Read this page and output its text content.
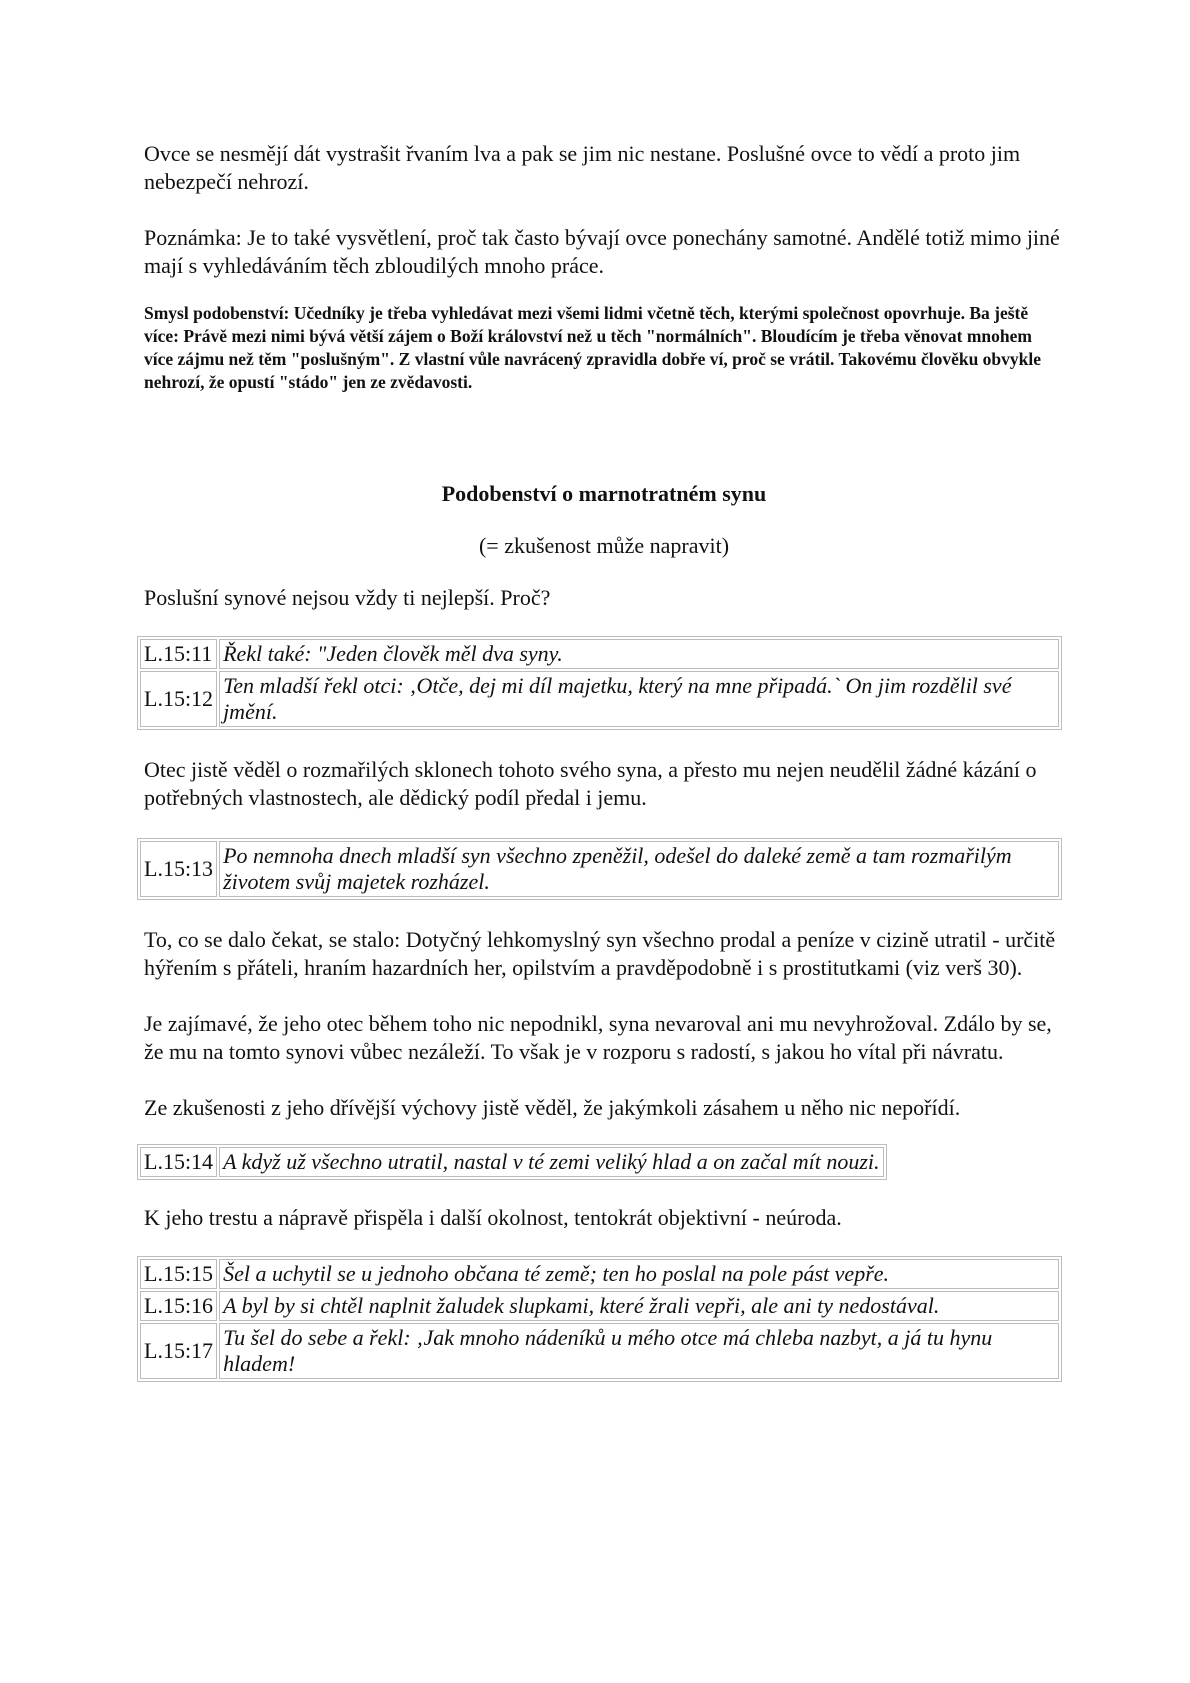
Ovce se nesmějí dát vystrašit řvaním lva a pak se jim nic nestane. Poslušné ovce to vědí a proto jim nebezpečí nehrozí.

Poznámka: Je to také vysvětlení, proč tak často bývají ovce ponechány samotné. Andělé totiž mimo jiné mají s vyhledáváním těch zbloudilých mnoho práce.

Smysl podobenství: Učedníky je třeba vyhledávat mezi všemi lidmi včetně těch, kterými společnost opovrhuje. Ba ještě více: Právě mezi nimi bývá větší zájem o Boží království než u těch "normálních". Bloudícím je třeba věnovat mnohem více zájmu než těm "poslušným". Z vlastní vůle navrácený zpravidla dobře ví, proč se vrátil. Takovému člověku obvykle nehrozí, že opustí "stádo" jen ze zvědavosti.

Podobenství o marnotratném synu

(= zkušenost může napravit)

Poslušní synové nejsou vždy ti nejlepší. Proč?

L.15:11	Řekl také: "Jeden člověk měl dva syny.
L.15:12	Ten mladší řekl otci: ‚Otče, dej mi díl majetku, který na mne připadá.` On jim rozdělil své jmění.

Otec jistě věděl o rozmařilých sklonech tohoto svého syna, a přesto mu nejen neudělil žádné kázání o potřebných vlastnostech, ale dědický podíl předal i jemu.

L.15:13	Po nemnoha dnech mladší syn všechno zpeněžil, odešel do daleké země a tam rozmařilým životem svůj majetek rozházel.

To, co se dalo čekat, se stalo: Dotyčný lehkomyslný syn všechno prodal a peníze v cizině utratil - určitě hýřením s přáteli, hraním hazardních her, opilstvím a pravděpodobně i s prostitutkami (viz verš 30).

Je zajímavé, že jeho otec během toho nic nepodnikl, syna nevaroval ani mu nevyhrožoval. Zdálo by se, že mu na tomto synovi vůbec nezáleží. To však je v rozporu s radostí, s jakou ho vítal při návratu.

Ze zkušenosti z jeho dřívější výchovy jistě věděl, že jakýmkoli zásahem u něho nic nepořídí.

L.15:14	A když už všechno utratil, nastal v té zemi veliký hlad a on začal mít nouzi.

K jeho trestu a nápravě přispěla i další okolnost, tentokrát objektivní - neúroda.

L.15:15	Šel a uchytil se u jednoho občana té země; ten ho poslal na pole pást vepře.
L.15:16	A byl by si chtěl naplnit žaludek slupkami, které žrali vepři, ale ani ty nedostával.
L.15:17	Tu šel do sebe a řekl: ‚Jak mnoho nádeníků u mého otce má chleba nazbyt, a já tu hynu hladem!
